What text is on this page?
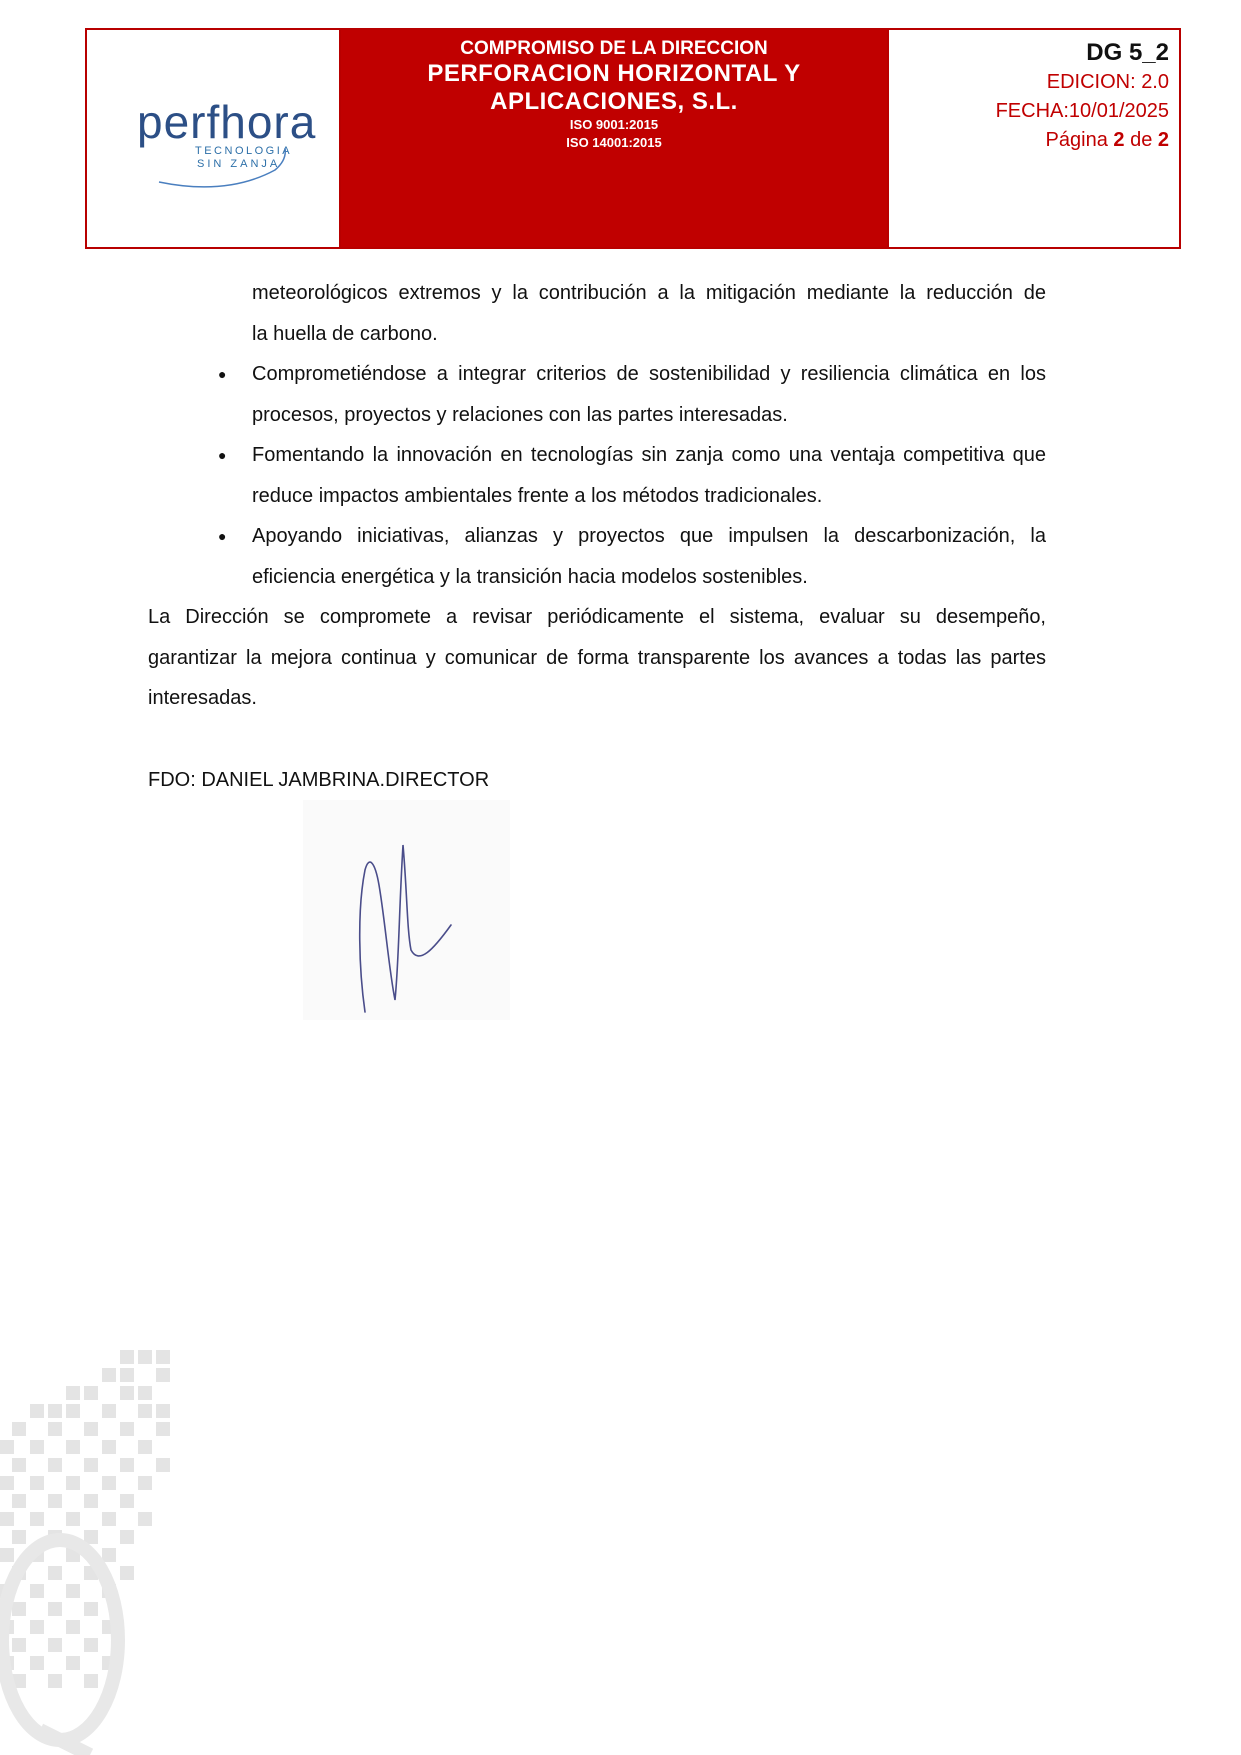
perfhora
TECNOLOGIA
SIN ZANJA
COMPROMISO DE LA DIRECCION
PERFORACION HORIZONTAL Y
APLICACIONES, S.L.
ISO 9001:2015
ISO 14001:2015
DG 5_2
EDICION: 2.0
FECHA:10/01/2025
Página 2 de 2
meteorológicos extremos y la contribución a la mitigación mediante la reducción de
la huella de carbono.
● Comprometiéndose a integrar criterios de sostenibilidad y resiliencia climática en los
procesos, proyectos y relaciones con las partes interesadas.
● Fomentando la innovación en tecnologías sin zanja como una ventaja competitiva que
reduce impactos ambientales frente a los métodos tradicionales.
● Apoyando iniciativas, alianzas y proyectos que impulsen la descarbonización, la
eficiencia energética y la transición hacia modelos sostenibles.
La Dirección se compromete a revisar periódicamente el sistema, evaluar su desempeño,
garantizar la mejora continua y comunicar de forma transparente los avances a todas las partes
interesadas.
FDO: DANIEL JAMBRINA.DIRECTOR
